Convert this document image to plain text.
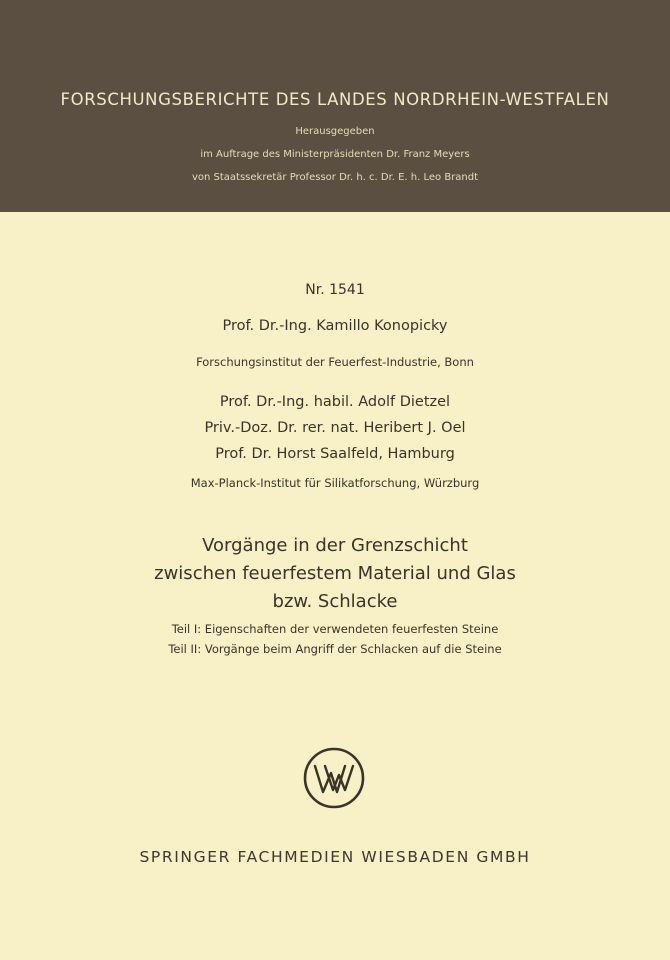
FORSCHUNGSBERICHTE DES LANDES NORDRHEIN-WESTFALEN
Herausgegeben
im Auftrage des Ministerpräsidenten Dr. Franz Meyers
von Staatssekretär Professor Dr. h. c. Dr. E. h. Leo Brandt
Nr. 1541
Prof. Dr.-Ing. Kamillo Konopicky
Forschungsinstitut der Feuerfest-Industrie, Bonn
Prof. Dr.-Ing. habil. Adolf Dietzel
Priv.-Doz. Dr. rer. nat. Heribert J. Oel
Prof. Dr. Horst Saalfeld, Hamburg
Max-Planck-Institut für Silikatforschung, Würzburg
Vorgänge in der Grenzschicht
zwischen feuerfestem Material und Glas
bzw. Schlacke
Teil I: Eigenschaften der verwendeten feuerfesten Steine
Teil II: Vorgänge beim Angriff der Schlacken auf die Steine
SPRINGER FACHMEDIEN WIESBADEN GMBH
